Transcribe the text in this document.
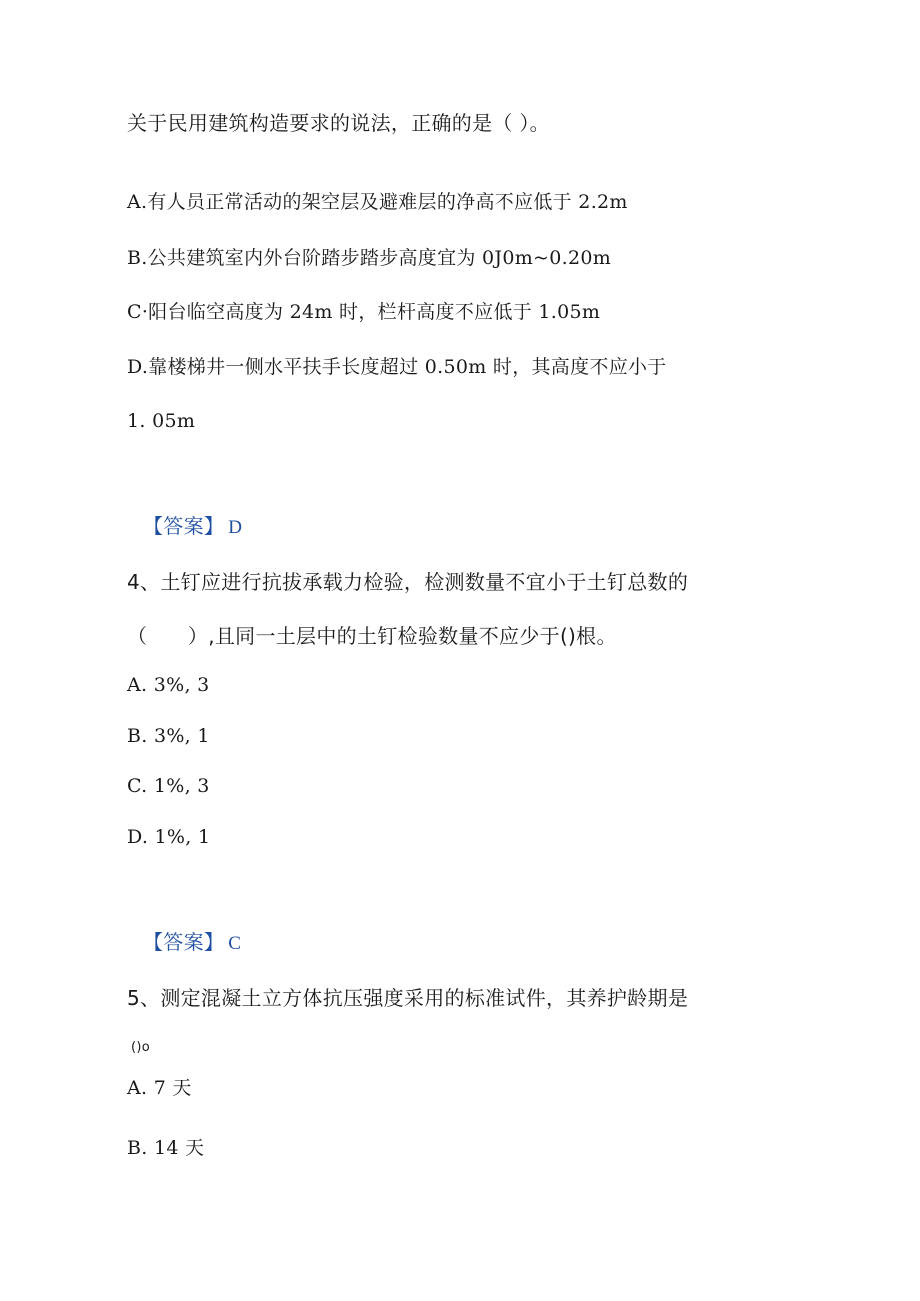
关于民用建筑构造要求的说法，正确的是（ ）。
A.有人员正常活动的架空层及避难层的净高不应低于 2.2m
B.公共建筑室内外台阶踏步踏步高度宜为 0J0m~0.20m
C·阳台临空高度为 24m 时，栏杆高度不应低于 1.05m
D.靠楼梯井一侧水平扶手长度超过 0.50m 时，其高度不应小于
1. 05m
【答案】 D
4、土钉应进行抗拔承载力检验，检测数量不宜小于土钉总数的
（　　）,且同一土层中的土钉检验数量不应少于()根。
A. 3%, 3
B. 3%, 1
C. 1%, 3
D. 1%, 1
【答案】 C
5、测定混凝土立方体抗压强度采用的标准试件，其养护龄期是
()o
A. 7 天
B. 14 天
